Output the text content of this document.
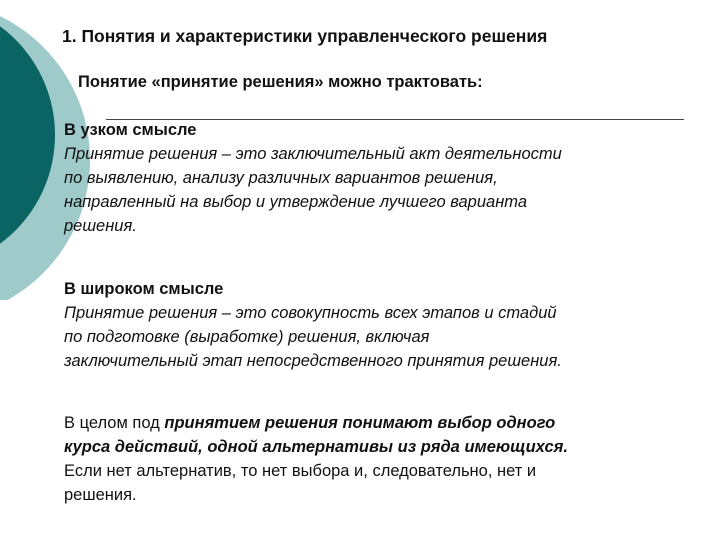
1. Понятия и характеристики управленческого решения
Понятие «принятие решения» можно трактовать:
В узком смысле
Принятие решения – это заключительный акт деятельности
по выявлению, анализу различных вариантов решения,
направленный на выбор и утверждение лучшего варианта
решения.
В широком смысле
Принятие решения – это совокупность всех этапов и стадий
по подготовке (выработке) решения, включая
заключительный этап непосредственного принятия решения.
В целом под принятием решения понимают выбор одного
курса действий, одной альтернативы из ряда имеющихся.
Если нет альтернатив, то нет выбора и, следовательно, нет и
решения.
